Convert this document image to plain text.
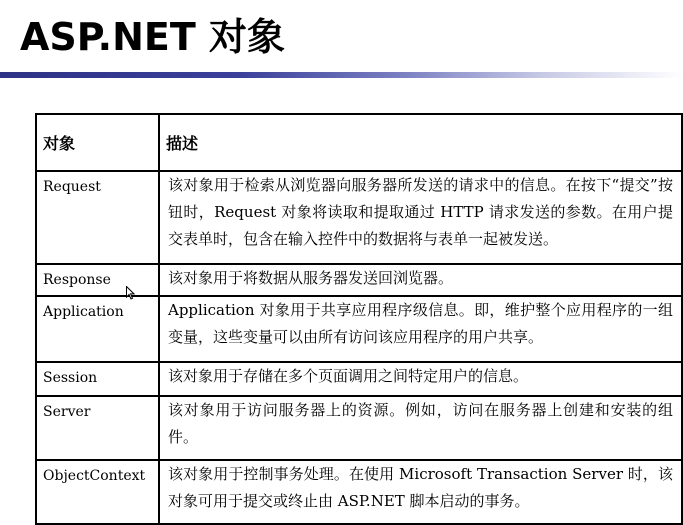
ASP.NET 对象
对象	描述
Request	该对象用于检索从浏览器向服务器所发送的请求中的信息。在按下“提交”按钮时，Request 对象将读取和提取通过 HTTP 请求发送的参数。在用户提交表单时，包含在输入控件中的数据将与表单一起被发送。
Response	该对象用于将数据从服务器发送回浏览器。
Application	Application 对象用于共享应用程序级信息。即，维护整个应用程序的一组变量，这些变量可以由所有访问该应用程序的用户共享。
Session	该对象用于存储在多个页面调用之间特定用户的信息。
Server	该对象用于访问服务器上的资源。例如，访问在服务器上创建和安装的组件。
ObjectContext	该对象用于控制事务处理。在使用 Microsoft Transaction Server 时，该对象可用于提交或终止由 ASP.NET 脚本启动的事务。
